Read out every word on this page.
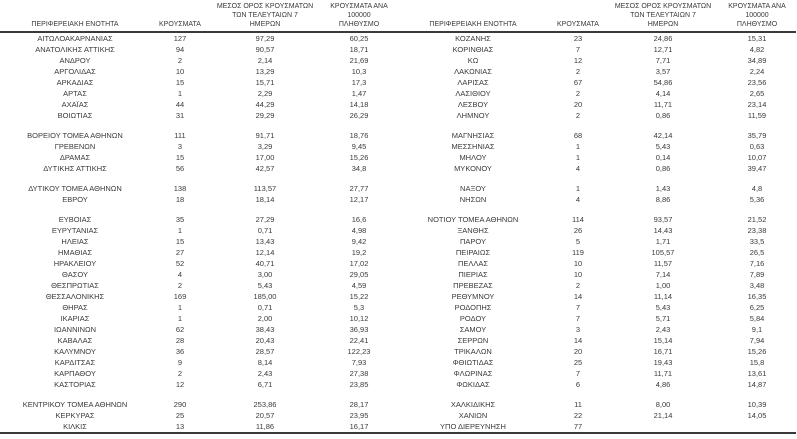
ΠΕΡΙΦΕΡΕΙΑΚΗ ΕΝΟΤΗΤΑ	ΚΡΟΥΣΜΑΤΑ	ΜΕΣΟΣ ΟΡΟΣ ΚΡΟΥΣΜΑΤΩΝ
ΤΩΝ ΤΕΛΕΥΤΑΙΩΝ 7
ΗΜΕΡΩΝ	ΚΡΟΥΣΜΑΤΑ ΑΝΑ 100000
ΠΛΗΘΥΣΜΟ

ΑΙΤΩΛΟΑΚΑΡΝΑΝΙΑΣ	127	97,29	60,25
ΑΝΑΤΟΛΙΚΗΣ ΑΤΤΙΚΗΣ	94	90,57	18,71
ΑΝΔΡΟΥ	2	2,14	21,69
ΑΡΓΟΛΙΔΑΣ	10	13,29	10,3
ΑΡΚΑΔΙΑΣ	15	15,71	17,3
ΑΡΤΑΣ	1	2,29	1,47
ΑΧΑΪΑΣ	44	44,29	14,18
ΒΟΙΩΤΙΑΣ	31	29,29	26,29

ΒΟΡΕΙΟΥ ΤΟΜΕΑ ΑΘΗΝΩΝ	111	91,71	18,76
ΓΡΕΒΕΝΩΝ	3	3,29	9,45
ΔΡΑΜΑΣ	15	17,00	15,26
ΔΥΤΙΚΗΣ ΑΤΤΙΚΗΣ	56	42,57	34,8

ΔΥΤΙΚΟΥ ΤΟΜΕΑ ΑΘΗΝΩΝ	138	113,57	27,77
ΕΒΡΟΥ	18	18,14	12,17

ΕΥΒΟΙΑΣ	35	27,29	16,6
ΕΥΡΥΤΑΝΙΑΣ	1	0,71	4,98
ΗΛΕΙΑΣ	15	13,43	9,42
ΗΜΑΘΙΑΣ	27	12,14	19,2
ΗΡΑΚΛΕΙΟΥ	52	40,71	17,02
ΘΑΣΟΥ	4	3,00	29,05
ΘΕΣΠΡΩΤΙΑΣ	2	5,43	4,59
ΘΕΣΣΑΛΟΝΙΚΗΣ	169	185,00	15,22
ΘΗΡΑΣ	1	0,71	5,3
ΙΚΑΡΙΑΣ	1	2,00	10,12
ΙΩΑΝΝΙΝΩΝ	62	38,43	36,93
ΚΑΒΑΛΑΣ	28	20,43	22,41
ΚΑΛΥΜΝΟΥ	36	28,57	122,23
ΚΑΡΔΙΤΣΑΣ	9	8,14	7,93
ΚΑΡΠΑΘΟΥ	2	2,43	27,38
ΚΑΣΤΟΡΙΑΣ	12	6,71	23,85

ΚΕΝΤΡΙΚΟΥ ΤΟΜΕΑ ΑΘΗΝΩΝ	290	253,86	28,17
ΚΕΡΚΥΡΑΣ	25	20,57	23,95
ΚΙΛΚΙΣ	13	11,86	16,17
ΠΕΡΙΦΕΡΕΙΑΚΗ ΕΝΟΤΗΤΑ	ΚΡΟΥΣΜΑΤΑ	ΜΕΣΟΣ ΟΡΟΣ ΚΡΟΥΣΜΑΤΩΝ
ΤΩΝ ΤΕΛΕΥΤΑΙΩΝ 7
ΗΜΕΡΩΝ	ΚΡΟΥΣΜΑΤΑ ΑΝΑ 100000
ΠΛΗΘΥΣΜΟ

ΚΟΖΑΝΗΣ	23	24,86	15,31
ΚΟΡΙΝΘΙΑΣ	7	12,71	4,82
ΚΩ	12	7,71	34,89
ΛΑΚΩΝΙΑΣ	2	3,57	2,24
ΛΑΡΙΣΑΣ	67	54,86	23,56
ΛΑΣΙΘΙΟΥ	2	4,14	2,65
ΛΕΣΒΟΥ	20	11,71	23,14
ΛΗΜΝΟΥ	2	0,86	11,59

ΜΑΓΝΗΣΙΑΣ	68	42,14	35,79
ΜΕΣΣΗΝΙΑΣ	1	5,43	0,63
ΜΗΛΟΥ	1	0,14	10,07
ΜΥΚΟΝΟΥ	4	0,86	39,47

ΝΑΞΟΥ	1	1,43	4,8
ΝΗΣΩΝ	4	8,86	5,36

ΝΟΤΙΟΥ ΤΟΜΕΑ ΑΘΗΝΩΝ	114	93,57	21,52
ΞΑΝΘΗΣ	26	14,43	23,38
ΠΑΡΟΥ	5	1,71	33,5
ΠΕΙΡΑΙΩΣ	119	105,57	26,5
ΠΕΛΛΑΣ	10	11,57	7,16
ΠΙΕΡΙΑΣ	10	7,14	7,89
ΠΡΕΒΕΖΑΣ	2	1,00	3,48
ΡΕΘΥΜΝΟΥ	14	11,14	16,35
ΡΟΔΟΠΗΣ	7	5,43	6,25
ΡΟΔΟΥ	7	5,71	5,84
ΣΑΜΟΥ	3	2,43	9,1
ΣΕΡΡΩΝ	14	15,14	7,94
ΤΡΙΚΑΛΩΝ	20	16,71	15,26
ΦΘΙΩΤΙΔΑΣ	25	19,43	15,8
ΦΛΩΡΙΝΑΣ	7	11,71	13,61
ΦΩΚΙΔΑΣ	6	4,86	14,87

ΧΑΛΚΙΔΙΚΗΣ	11	8,00	10,39
ΧΑΝΙΩΝ	22	21,14	14,05
ΥΠΟ ΔΙΕΡΕΥΝΗΣΗ	77		
